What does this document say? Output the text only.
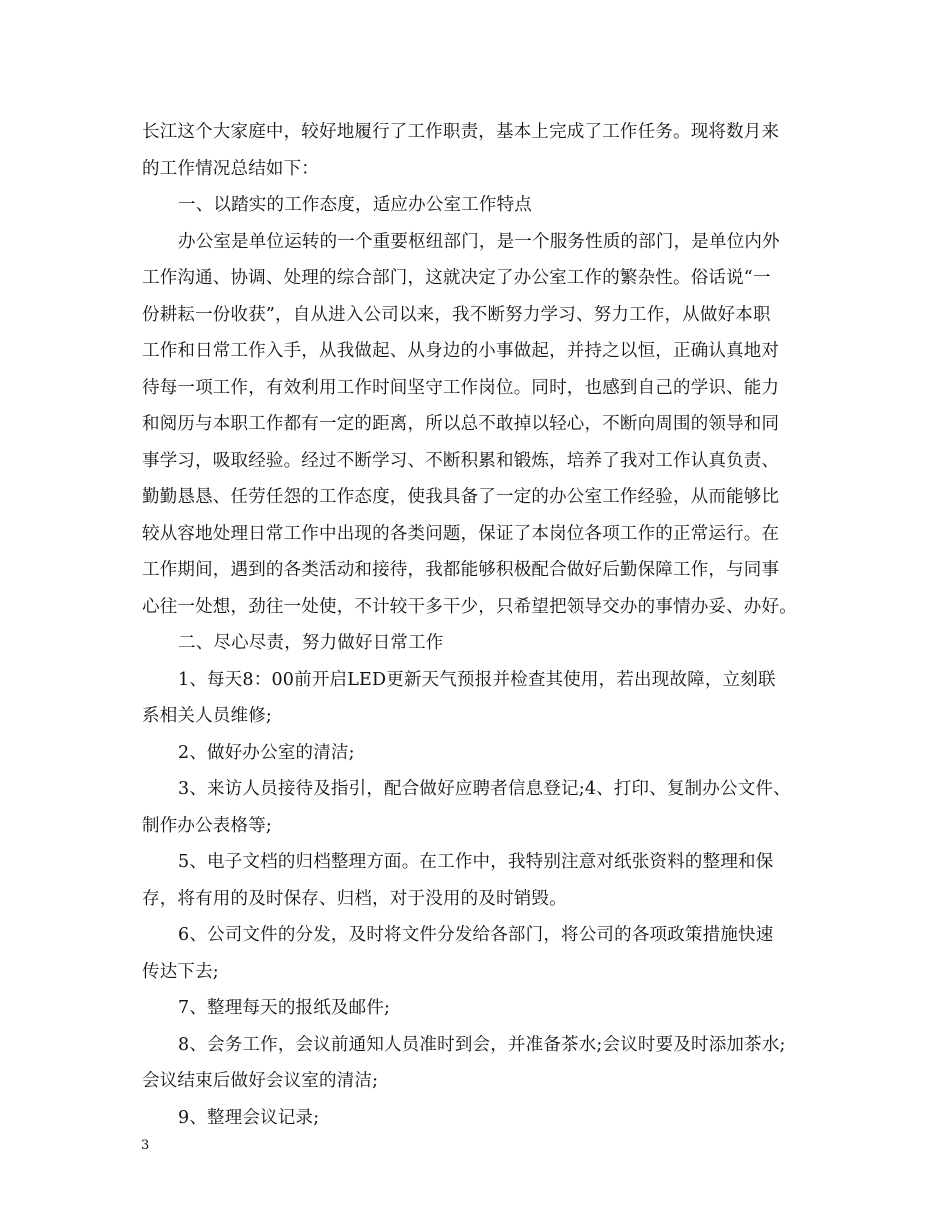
长江这个大家庭中，较好地履行了工作职责，基本上完成了工作任务。现将数月来
的工作情况总结如下：
一、以踏实的工作态度，适应办公室工作特点
办公室是单位运转的一个重要枢纽部门，是一个服务性质的部门，是单位内外
工作沟通、协调、处理的综合部门，这就决定了办公室工作的繁杂性。俗话说“一
份耕耘一份收获”，自从进入公司以来，我不断努力学习、努力工作，从做好本职
工作和日常工作入手，从我做起、从身边的小事做起，并持之以恒，正确认真地对
待每一项工作，有效利用工作时间坚守工作岗位。同时，也感到自己的学识、能力
和阅历与本职工作都有一定的距离，所以总不敢掉以轻心，不断向周围的领导和同
事学习，吸取经验。经过不断学习、不断积累和锻炼，培养了我对工作认真负责、
勤勤恳恳、任劳任怨的工作态度，使我具备了一定的办公室工作经验，从而能够比
较从容地处理日常工作中出现的各类问题，保证了本岗位各项工作的正常运行。在
工作期间，遇到的各类活动和接待，我都能够积极配合做好后勤保障工作，与同事
心往一处想，劲往一处使，不计较干多干少，只希望把领导交办的事情办妥、办好。
二、尽心尽责，努力做好日常工作
1、每天8：00前开启LED更新天气预报并检查其使用，若出现故障，立刻联
系相关人员维修;
2、做好办公室的清洁;
3、来访人员接待及指引，配合做好应聘者信息登记;4、打印、复制办公文件、
制作办公表格等;
5、电子文档的归档整理方面。在工作中，我特别注意对纸张资料的整理和保
存，将有用的及时保存、归档，对于没用的及时销毁。
6、公司文件的分发，及时将文件分发给各部门，将公司的各项政策措施快速
传达下去;
7、整理每天的报纸及邮件;
8、会务工作，会议前通知人员准时到会，并准备茶水;会议时要及时添加茶水;
会议结束后做好会议室的清洁;
9、整理会议记录;
3
